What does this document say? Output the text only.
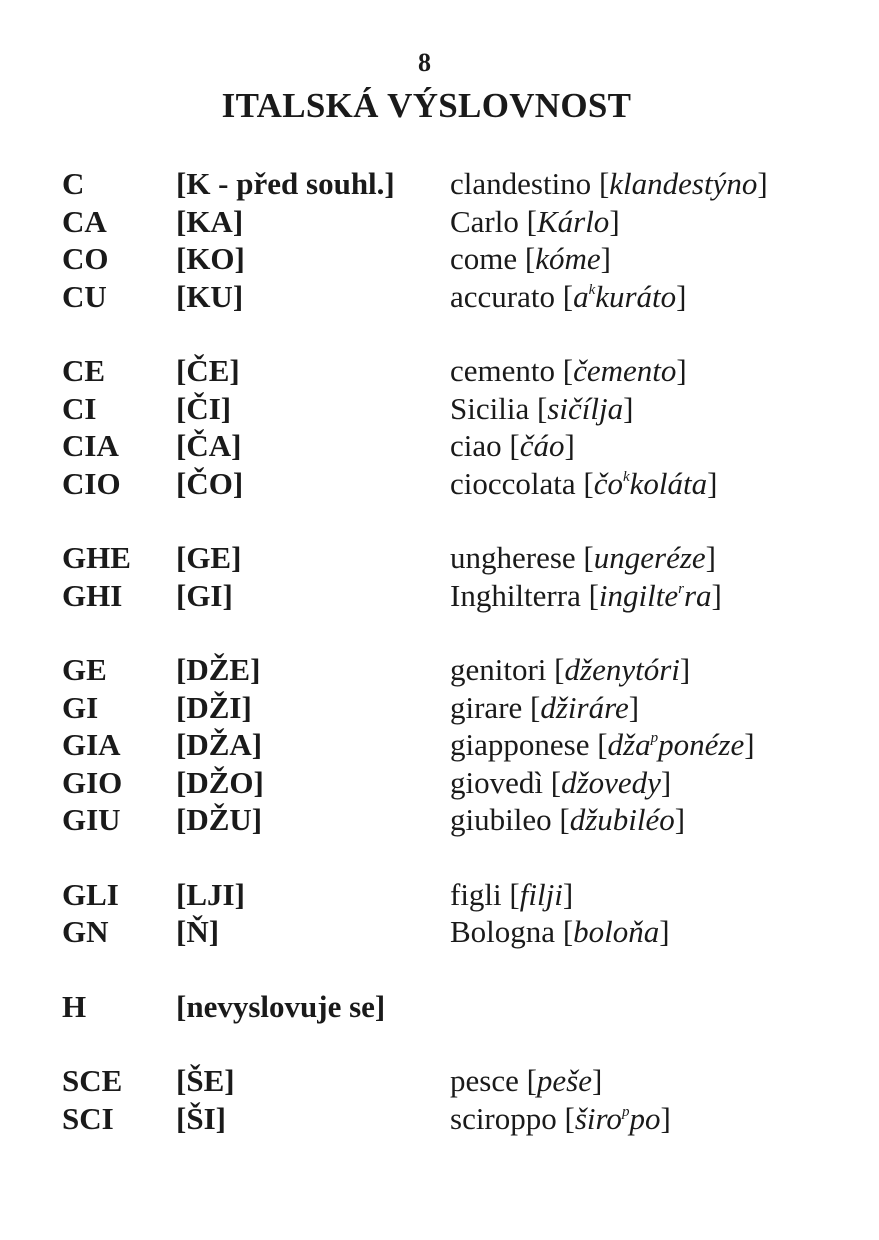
8
ITALSKÁ VÝSLOVNOST
C	[K - před souhl.] clandestino [klandestýno]
CA [KA]	Carlo [Kárlo]
CO [KO]	come [kóme]
CU [KU]	accurato $[a^kkuráto]$
CE [ČE]	cemento [čemento]
CI	[ČI]	Sicilia [sičílja]
CIA [ČA]	ciao [čáo]
CIO [ČO]	cioccolata $[čo^kkoláta]$
GHE [GE]	ungherese [ungeréze]
GHI [GI]	Inghilterra [ingilte$^r$ra]
GE [DŽE]	genitori [dženytóri]
GI	[DŽI]	girare [džiráre]
GIA [DŽA]	giapponese [dža$^p$ponéze]
GIO [DŽO]	giovedì [džovedy]
GIU [DŽU]	giubileo [džubiléo]
GLI [LJI]	figli [filji]
GN [Ň]	Bologna [boloňa]
H	[nevyslovuje se]
SCE [ŠE]	pesce [peše]
SCI [ŠI]	sciroppo [širo$^p$po]
